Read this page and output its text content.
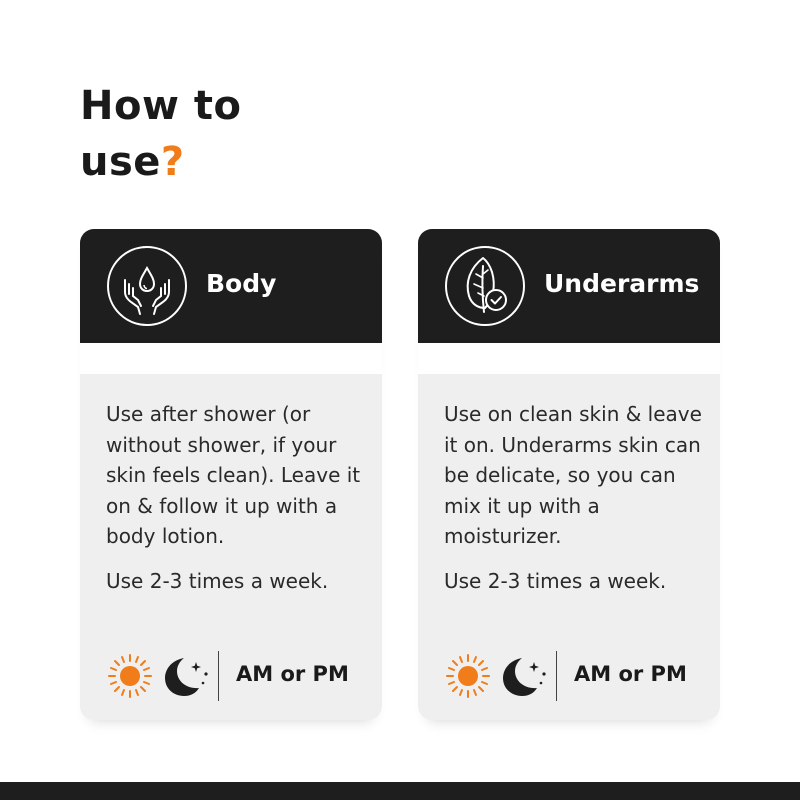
How to
use?
Body

Use after shower (or without shower, if your skin feels clean). Leave it on & follow it up with a body lotion.

Use 2-3 times a week.

AM or PM
Underarms

Use on clean skin & leave it on. Underarms skin can be delicate, so you can mix it up with a moisturizer.

Use 2-3 times a week.

AM or PM
